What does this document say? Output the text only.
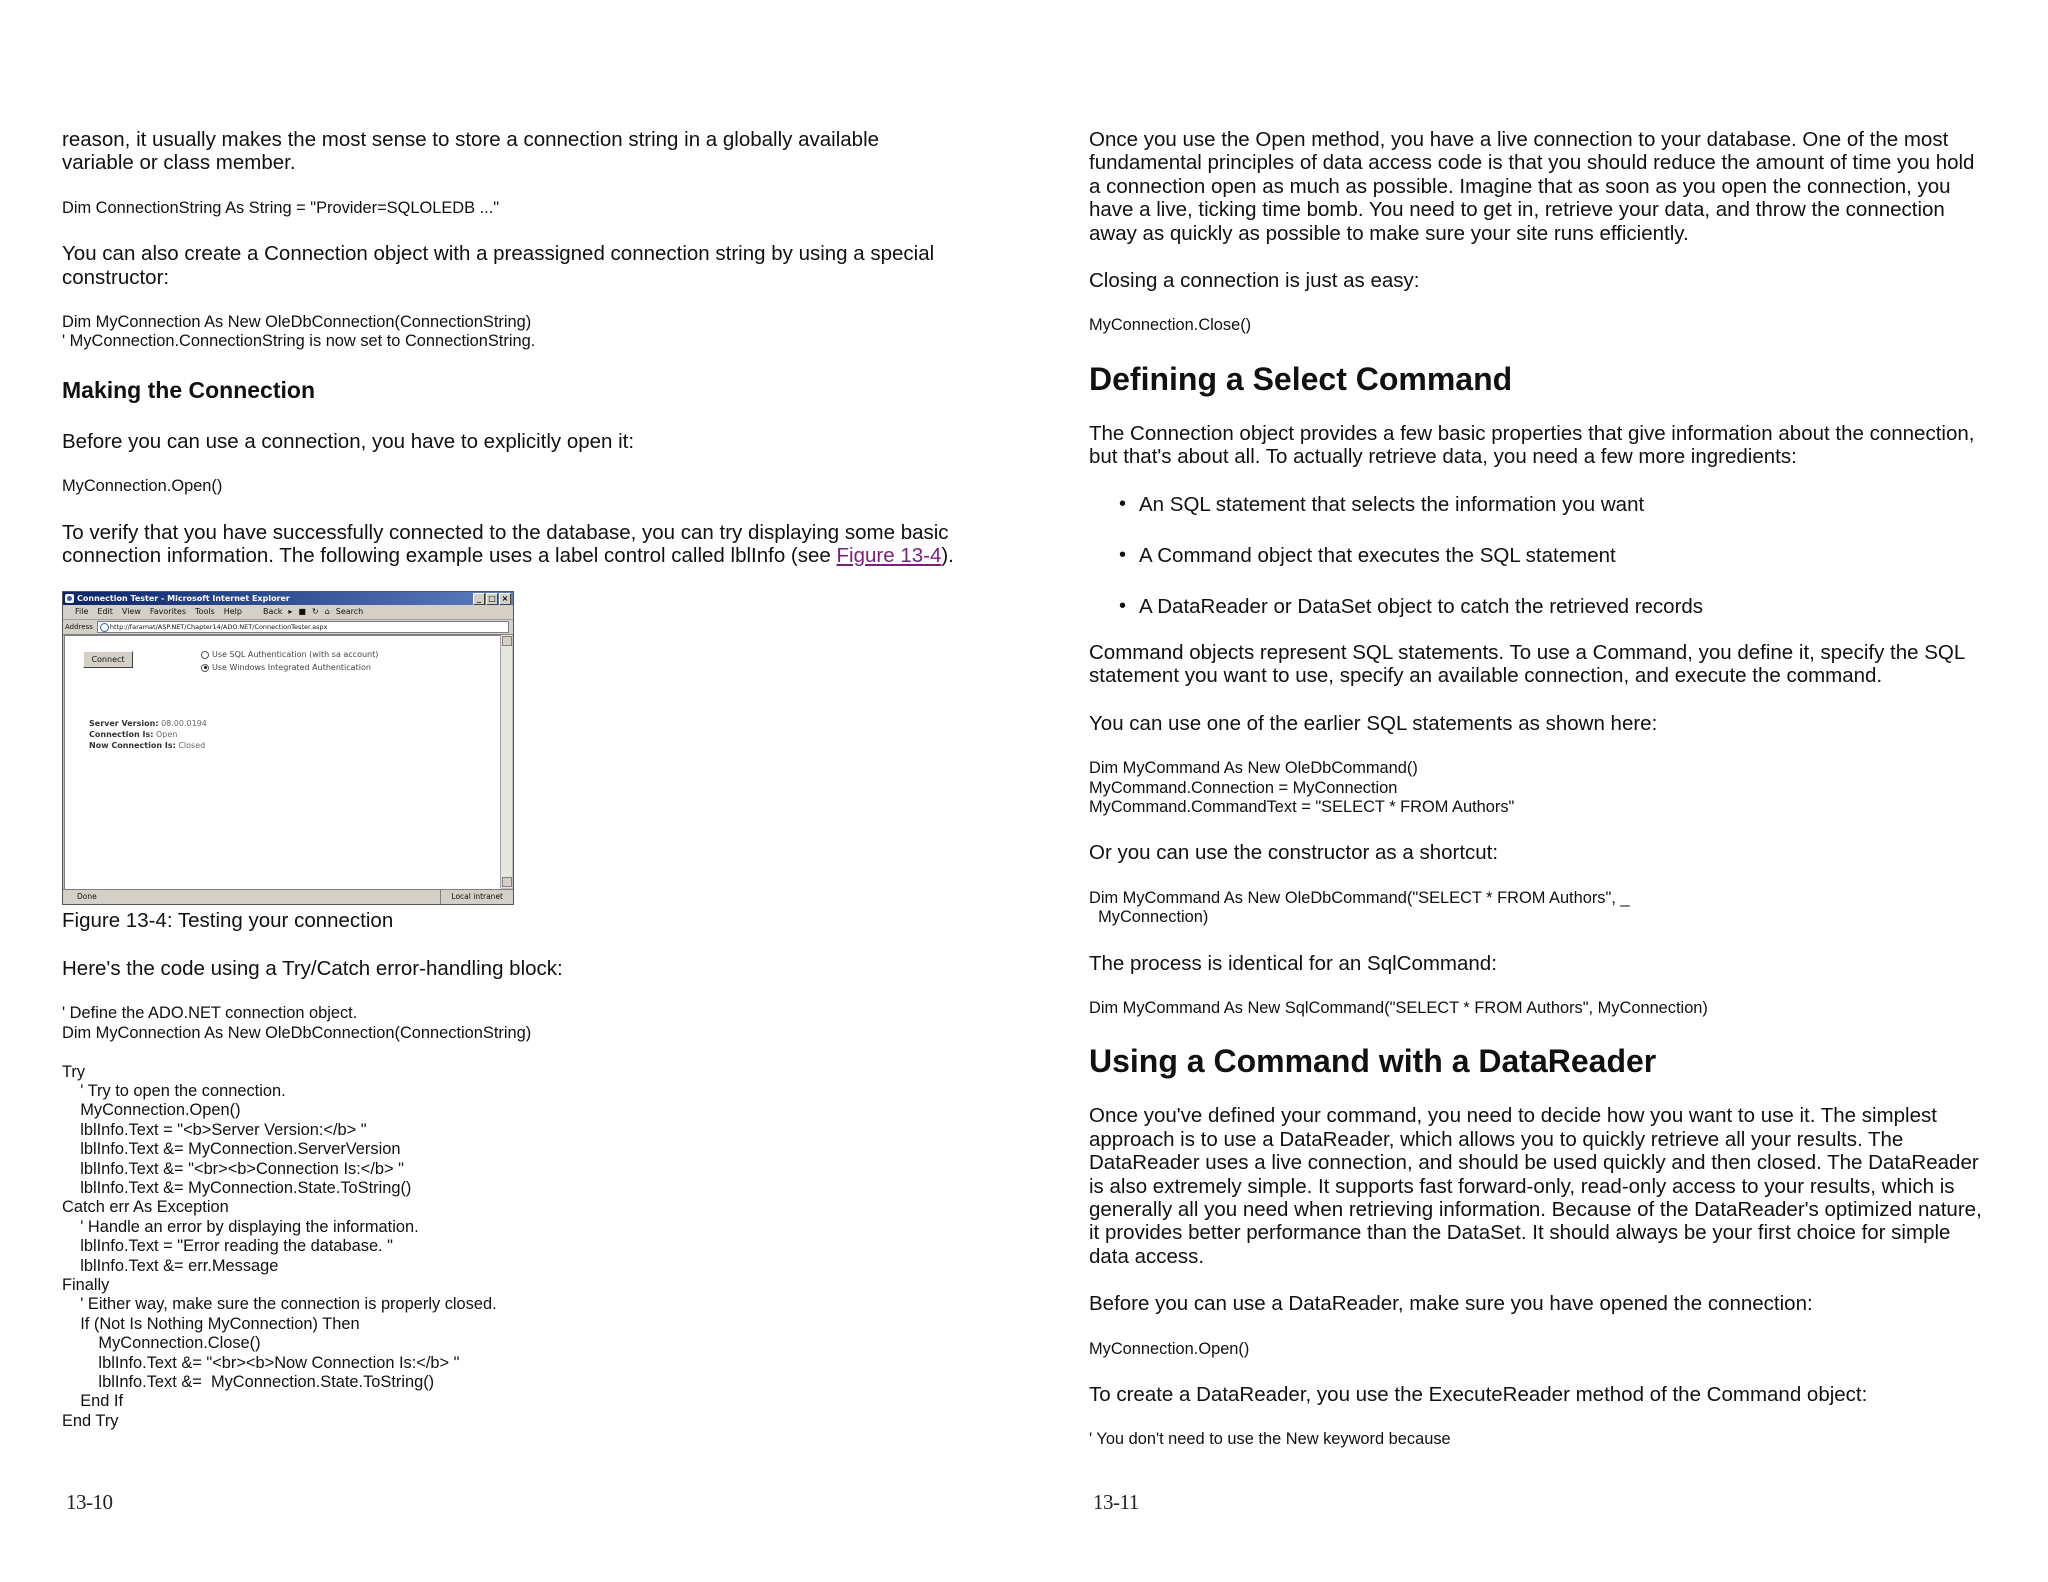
reason, it usually makes the most sense to store a connection string in a globally available
variable or class member.
Dim ConnectionString As String = "Provider=SQLOLEDB ..."
You can also create a Connection object with a preassigned connection string by using a special
constructor:
Dim MyConnection As New OleDbConnection(ConnectionString)
' MyConnection.ConnectionString is now set to ConnectionString.
Making the Connection
Before you can use a connection, you have to explicitly open it:
MyConnection.Open()
To verify that you have successfully connected to the database, you can try displaying some basic
connection information. The following example uses a label control called lblInfo (see Figure 13-4).
Connection Tester - Microsoft Internet Explorer	_ □ ×
File Edit View Favorites Tools Help	Back ▸ ■ ↻ ⌂ Search
Address	http://faramat/ASP.NET/Chapter14/ADO.NET/ConnectionTester.aspx
Connect
Use SQL Authentication (with sa account)
Use Windows Integrated Authentication
Server Version: 08.00.0194
Connection Is: Open
Now Connection Is: Closed
Done	Local intranet
Figure 13-4: Testing your connection
Here's the code using a Try/Catch error-handling block:
' Define the ADO.NET connection object.
Dim MyConnection As New OleDbConnection(ConnectionString)

Try
' Try to open the connection.
MyConnection.Open()
lblInfo.Text = "<b>Server Version:</b> "
lblInfo.Text &= MyConnection.ServerVersion
lblInfo.Text &= "<br><b>Connection Is:</b> "
lblInfo.Text &= MyConnection.State.ToString()
Catch err As Exception
' Handle an error by displaying the information.
lblInfo.Text = "Error reading the database. "
lblInfo.Text &= err.Message
Finally
' Either way, make sure the connection is properly closed.
If (Not Is Nothing MyConnection) Then
MyConnection.Close()
lblInfo.Text &= "<br><b>Now Connection Is:</b> "
lblInfo.Text &=  MyConnection.State.ToString()
End If
End Try
13-10
Once you use the Open method, you have a live connection to your database. One of the most
fundamental principles of data access code is that you should reduce the amount of time you hold
a connection open as much as possible. Imagine that as soon as you open the connection, you
have a live, ticking time bomb. You need to get in, retrieve your data, and throw the connection
away as quickly as possible to make sure your site runs efficiently.
Closing a connection is just as easy:
MyConnection.Close()
Defining a Select Command
The Connection object provides a few basic properties that give information about the connection,
but that's about all. To actually retrieve data, you need a few more ingredients:
• An SQL statement that selects the information you want
• A Command object that executes the SQL statement
• A DataReader or DataSet object to catch the retrieved records
Command objects represent SQL statements. To use a Command, you define it, specify the SQL
statement you want to use, specify an available connection, and execute the command.
You can use one of the earlier SQL statements as shown here:
Dim MyCommand As New OleDbCommand()
MyCommand.Connection = MyConnection
MyCommand.CommandText = "SELECT * FROM Authors"
Or you can use the constructor as a shortcut:
Dim MyCommand As New OleDbCommand("SELECT * FROM Authors", _
MyConnection)
The process is identical for an SqlCommand:
Dim MyCommand As New SqlCommand("SELECT * FROM Authors", MyConnection)
Using a Command with a DataReader
Once you've defined your command, you need to decide how you want to use it. The simplest
approach is to use a DataReader, which allows you to quickly retrieve all your results. The
DataReader uses a live connection, and should be used quickly and then closed. The DataReader
is also extremely simple. It supports fast forward-only, read-only access to your results, which is
generally all you need when retrieving information. Because of the DataReader's optimized nature,
it provides better performance than the DataSet. It should always be your first choice for simple
data access.
Before you can use a DataReader, make sure you have opened the connection:
MyConnection.Open()
To create a DataReader, you use the ExecuteReader method of the Command object:
' You don't need to use the New keyword because
13-11
